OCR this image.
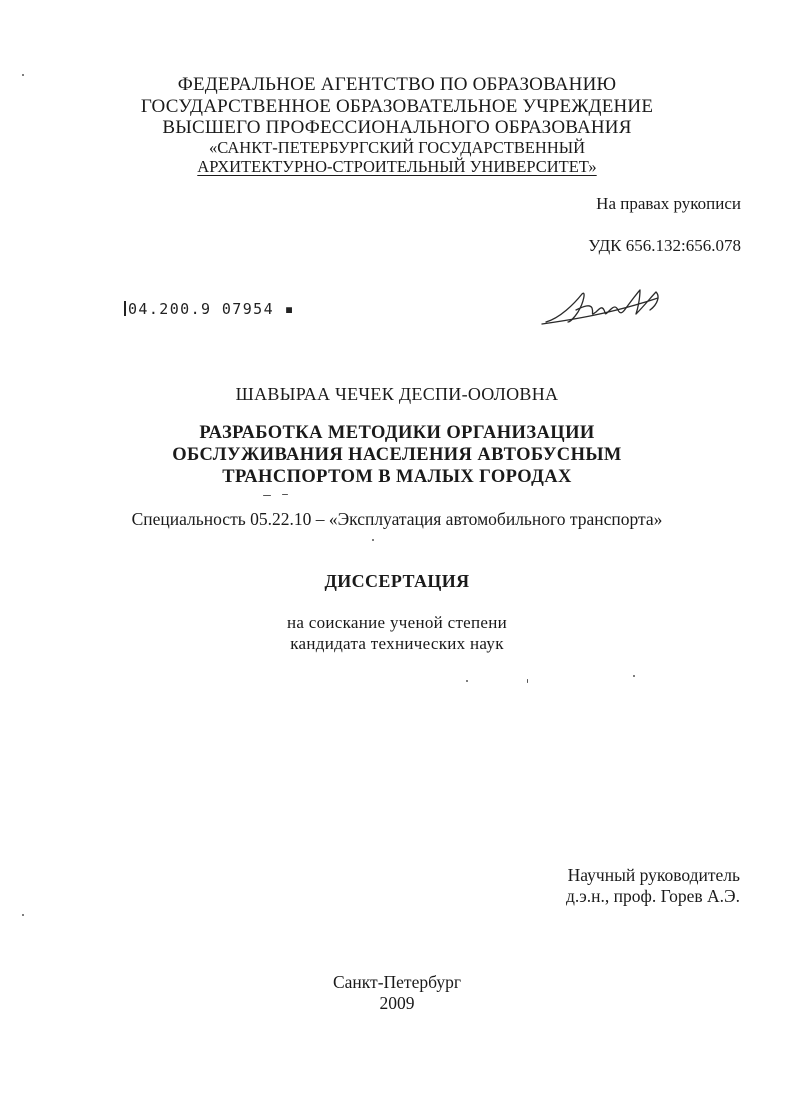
ФЕДЕРАЛЬНОЕ АГЕНТСТВО ПО ОБРАЗОВАНИЮ
ГОСУДАРСТВЕННОЕ ОБРАЗОВАТЕЛЬНОЕ УЧРЕЖДЕНИЕ
ВЫСШЕГО ПРОФЕССИОНАЛЬНОГО ОБРАЗОВАНИЯ
«САНКТ-ПЕТЕРБУРГСКИЙ ГОСУДАРСТВЕННЫЙ
АРХИТЕКТУРНО-СТРОИТЕЛЬНЫЙ УНИВЕРСИТЕТ»
На правах рукописи
УДК 656.132:656.078
04.200.9 07954 ▪
ШАВЫРАА ЧЕЧЕК ДЕСПИ-ООЛОВНА
РАЗРАБОТКА МЕТОДИКИ ОРГАНИЗАЦИИ
ОБСЛУЖИВАНИЯ НАСЕЛЕНИЯ АВТОБУСНЫМ
ТРАНСПОРТОМ В МАЛЫХ ГОРОДАХ
Специальность 05.22.10 – «Эксплуатация автомобильного транспорта»
ДИССЕРТАЦИЯ
на соискание ученой степени
кандидата технических наук
Научный руководитель
д.э.н., проф. Горев А.Э.
Санкт-Петербург
2009
